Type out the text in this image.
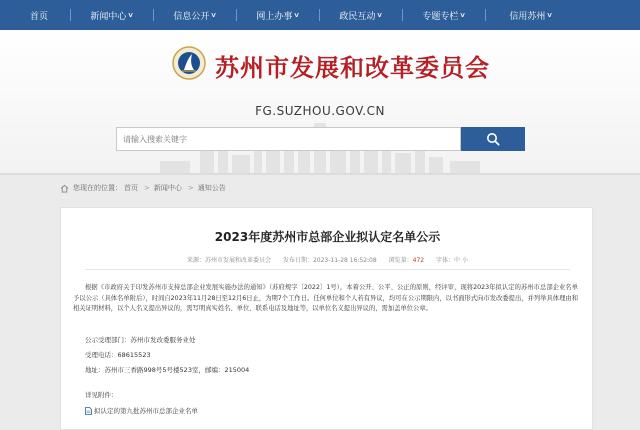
首页	新闻中心 ∨	信息公开 ∨	网上办事 ∨	政民互动 ∨	专题专栏 ∨	信用苏州 ∨
苏州市发展和改革委员会
FG.SUZHOU.GOV.CN
请输入搜索关键字
您现在的位置： 首页 > 新闻中心 > 通知公告
2023年度苏州市总部企业拟认定名单公示
来源：苏州市发展和改革委员会 发布日期：2023-11-28 16:52:08 浏览量：472 字体：中 小
根据《市政府关于印发苏州市支持总部企业发展实施办法的通知》（苏府规字〔2022〕1号），本着公开、公平、公正的原则，经评审，现将2023年拟认定的苏州市总部企业名单予以公示（具体名单附后），时间自2023年11月28日至12月6日止，为期7个工作日。任何单位和个人若有异议，均可在公示期限内，以书面形式向市发改委提出，并列举具体理由和相关证明材料，以个人名义提出异议的，需写明真实姓名、单位、联系电话及地址等，以单位名义提出异议的，需加盖单位公章。
公示受理部门：苏州市发改委服务业处
受理电话：68615523
地址：苏州市三香路998号5号楼523室，邮编：215004
详见附件：
拟认定的第九批苏州市总部企业名单
